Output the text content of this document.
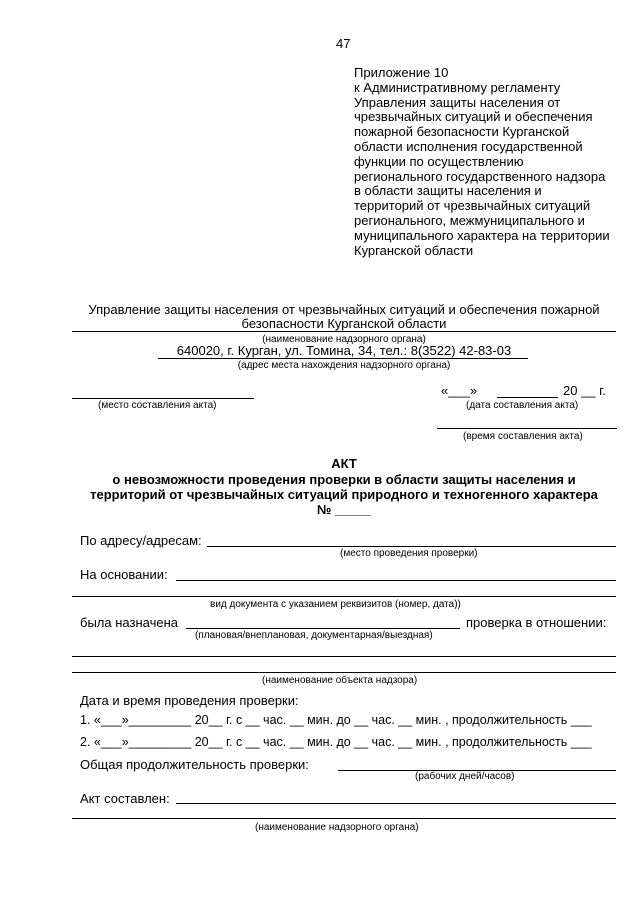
47
Приложение 10
к Административному регламенту
Управления защиты населения от
чрезвычайных ситуаций и обеспечения
пожарной безопасности Курганской
области исполнения государственной
функции по осуществлению
регионального государственного надзора
в области защиты населения и
территорий от чрезвычайных ситуаций
регионального, межмуниципального и
муниципального характера на территории
Курганской области
Управление защиты населения от чрезвычайных ситуаций и обеспечения пожарной
безопасности Курганской области
(наименование надзорного органа)
640020, г. Курган, ул. Томина, 34, тел.: 8(3522) 42-83-03
(адрес места нахождения надзорного органа)
(место составления акта)
«___»	20 __ г.
(дата составления акта)
(время составления акта)
АКТ
о невозможности проведения проверки в области защиты населения и
территорий от чрезвычайных ситуаций природного и техногенного характера
№ _____
По адресу/адресам:
(место проведения проверки)
На основании:
вид документа с указанием реквизитов (номер, дата))
была назначена	проверка в отношении:
(плановая/внеплановая, документарная/выездная)
(наименование объекта надзора)
Дата и время проведения проверки:
1. «___»_________ 20__ г. с __ час. __ мин. до __ час. __ мин. , продолжительность ___
2. «___»_________ 20__ г. с __ час. __ мин. до __ час. __ мин. , продолжительность ___
Общая продолжительность проверки:
(рабочих дней/часов)
Акт составлен:
(наименование надзорного органа)
